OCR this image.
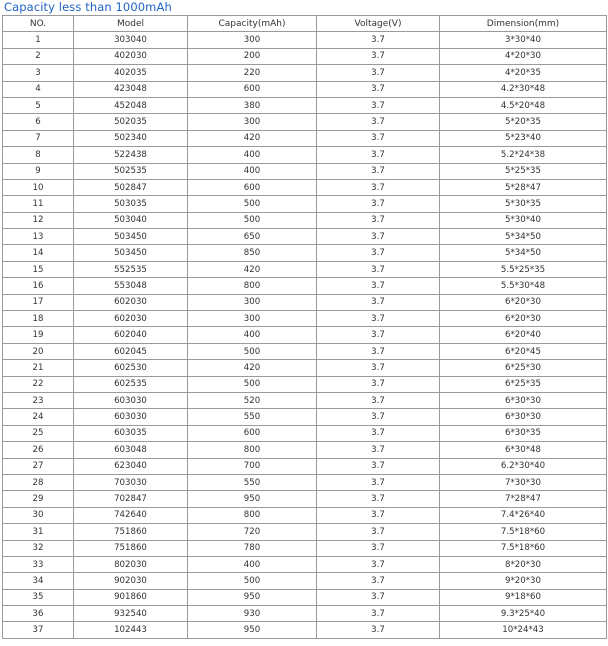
Capacity less than 1000mAh
NO.	Model	Capacity(mAh)	Voltage(V)	Dimension(mm)
1	303040	300	3.7	3*30*40
2	402030	200	3.7	4*20*30
3	402035	220	3.7	4*20*35
4	423048	600	3.7	4.2*30*48
5	452048	380	3.7	4.5*20*48
6	502035	300	3.7	5*20*35
7	502340	420	3.7	5*23*40
8	522438	400	3.7	5.2*24*38
9	502535	400	3.7	5*25*35
10	502847	600	3.7	5*28*47
11	503035	500	3.7	5*30*35
12	503040	500	3.7	5*30*40
13	503450	650	3.7	5*34*50
14	503450	850	3.7	5*34*50
15	552535	420	3.7	5.5*25*35
16	553048	800	3.7	5.5*30*48
17	602030	300	3.7	6*20*30
18	602030	300	3.7	6*20*30
19	602040	400	3.7	6*20*40
20	602045	500	3.7	6*20*45
21	602530	420	3.7	6*25*30
22	602535	500	3.7	6*25*35
23	603030	520	3.7	6*30*30
24	603030	550	3.7	6*30*30
25	603035	600	3.7	6*30*35
26	603048	800	3.7	6*30*48
27	623040	700	3.7	6.2*30*40
28	703030	550	3.7	7*30*30
29	702847	950	3.7	7*28*47
30	742640	800	3.7	7.4*26*40
31	751860	720	3.7	7.5*18*60
32	751860	780	3.7	7.5*18*60
33	802030	400	3.7	8*20*30
34	902030	500	3.7	9*20*30
35	901860	950	3.7	9*18*60
36	932540	930	3.7	9.3*25*40
37	102443	950	3.7	10*24*43
